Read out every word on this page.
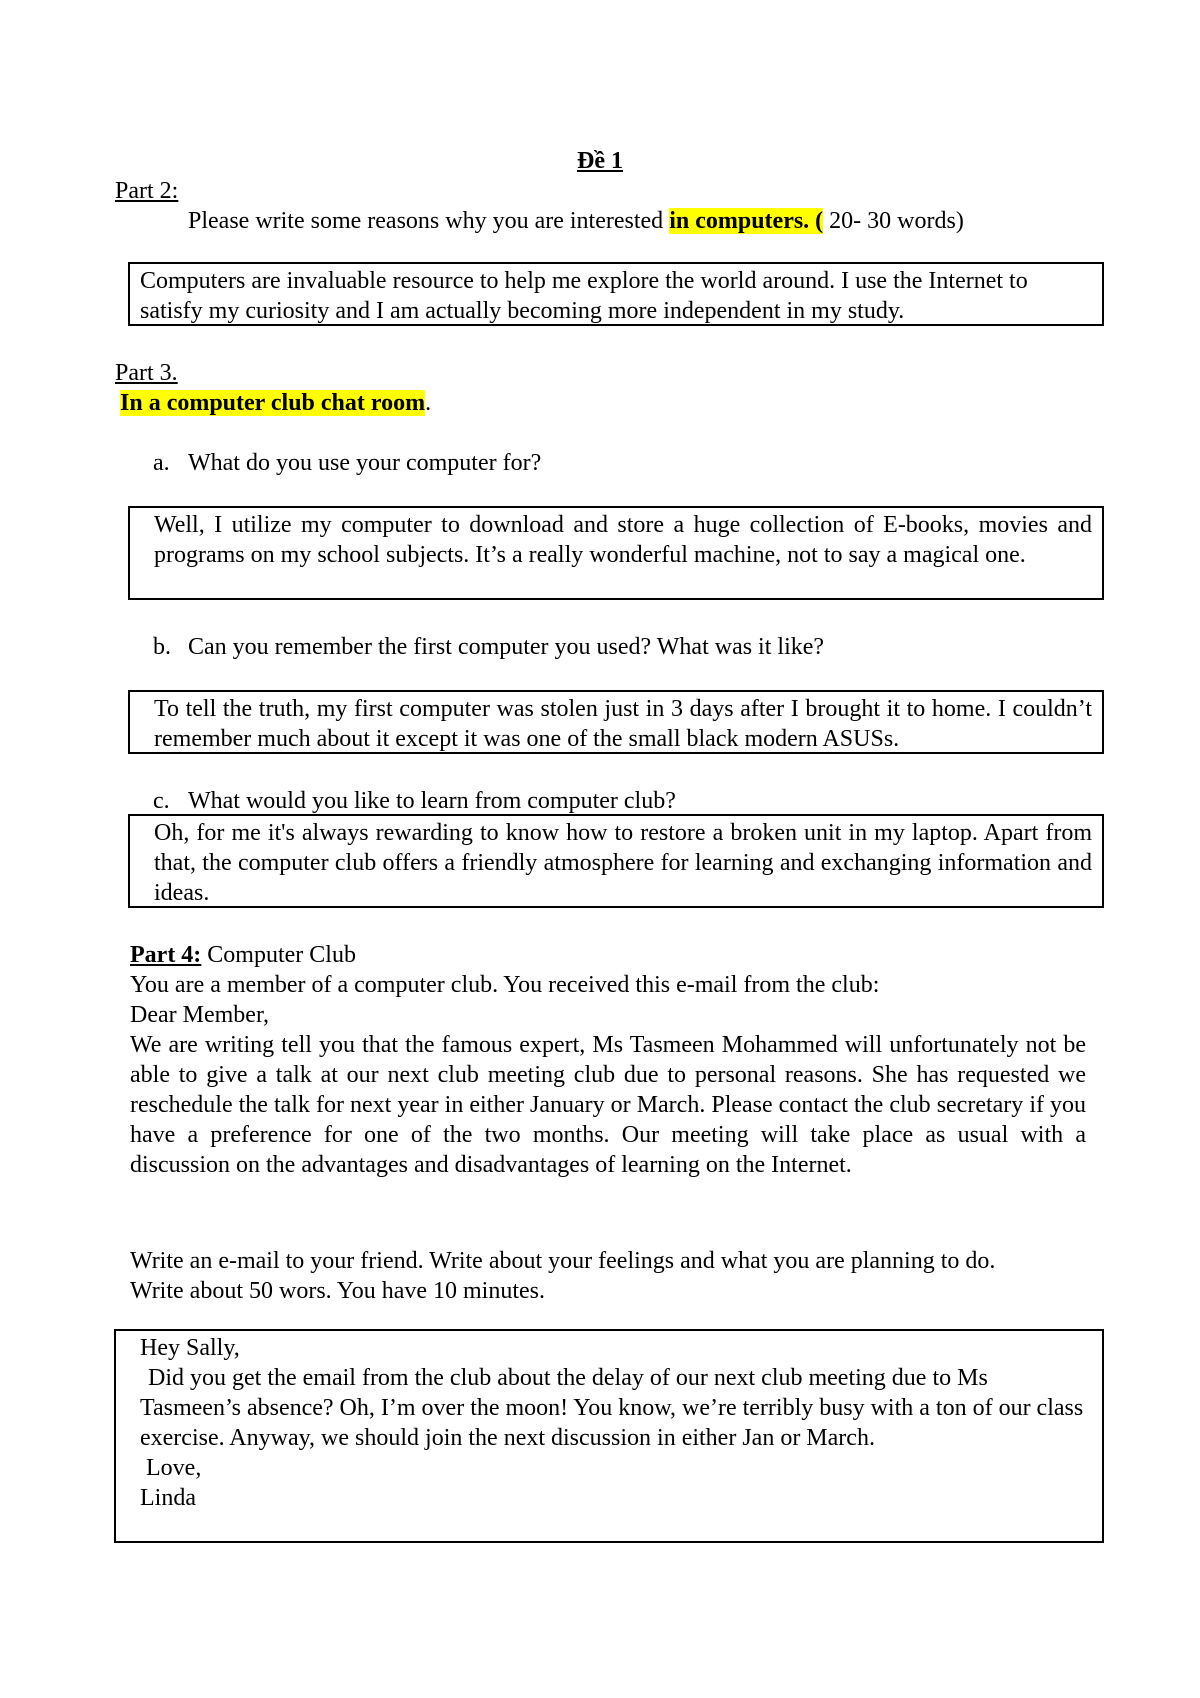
Đề 1
Part 2:
Please write some reasons why you are interested in computers. ( 20- 30 words)

Computers are invaluable resource to help me explore the world around. I use the Internet to satisfy my curiosity and I am actually becoming more independent in my study.

Part 3.
In a computer club chat room.
a. What do you use your computer for?

Well, I utilize my computer to download and store a huge collection of E-books, movies and programs on my school subjects. It’s a really wonderful machine, not to say a magical one.

b. Can you remember the first computer you used? What was it like?

To tell the truth, my first computer was stolen just in 3 days after I brought it to home. I couldn’t remember much about it except it was one of the small black modern ASUSs.

c. What would you like to learn from computer club?

Oh, for me it's always rewarding to know how to restore a broken unit in my laptop. Apart from that, the computer club offers a friendly atmosphere for learning and exchanging information and ideas.

Part 4: Computer Club
You are a member of a computer club. You received this e-mail from the club:
Dear Member,
We are writing tell you that the famous expert, Ms Tasmeen Mohammed will unfortunately not be able to give a talk at our next club meeting club due to personal reasons. She has requested we reschedule the talk for next year in either January or March. Please contact the club secretary if you have a preference for one of the two months. Our meeting will take place as usual with a discussion on the advantages and disadvantages of learning on the Internet.
Write an e-mail to your friend. Write about your feelings and what you are planning to do.
Write about 50 wors. You have 10 minutes.

Hey Sally,

Did you get the email from the club about the delay of our next club meeting due to Ms Tasmeen’s absence? Oh, I’m over the moon! You know, we’re terribly busy with a ton of our class exercise. Anyway, we should join the next discussion in either Jan or March.

Love,

Linda
